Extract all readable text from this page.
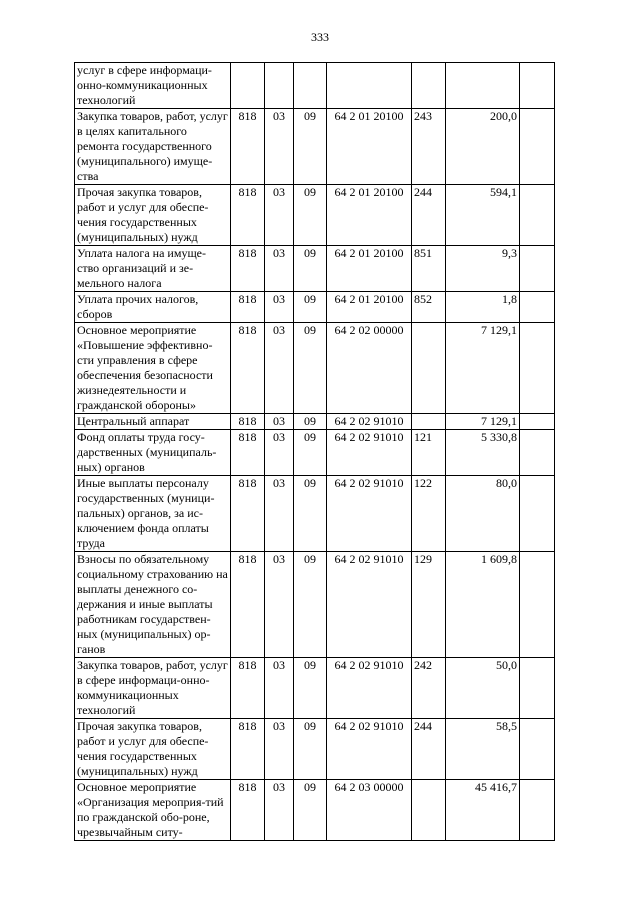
333
услуг в сфере информаци-онно-коммуникационных технологий							
Закупка товаров, работ, услуг в целях капитального ремонта государственного (муниципального) имуще-ства	818	03	09	64 2 01 20100	243	200,0	
Прочая закупка товаров, работ и услуг для обеспе-чения государственных (муниципальных) нужд	818	03	09	64 2 01 20100	244	594,1	
Уплата налога на имуще-ство организаций и зе-мельного налога	818	03	09	64 2 01 20100	851	9,3	
Уплата прочих налогов, сборов	818	03	09	64 2 01 20100	852	1,8	
Основное мероприятие «Повышение эффективно-сти управления в сфере обеспечения безопасности жизнедеятельности и гражданской обороны»	818	03	09	64 2 02 00000		7 129,1	
Центральный аппарат	818	03	09	64 2 02 91010		7 129,1	
Фонд оплаты труда госу-дарственных (муниципаль-ных) органов	818	03	09	64 2 02 91010	121	5 330,8	
Иные выплаты персоналу государственных (муници-пальных) органов, за ис-ключением фонда оплаты труда	818	03	09	64 2 02 91010	122	80,0	
Взносы по обязательному социальному страхованию на выплаты денежного со-держания и иные выплаты работникам государствен-ных (муниципальных) ор-ганов	818	03	09	64 2 02 91010	129	1 609,8	
Закупка товаров, работ, услуг в сфере информаци-онно-коммуникационных технологий	818	03	09	64 2 02 91010	242	50,0	
Прочая закупка товаров, работ и услуг для обеспе-чения государственных (муниципальных) нужд	818	03	09	64 2 02 91010	244	58,5	
Основное мероприятие «Организация мероприя-тий по гражданской обо-роне, чрезвычайным ситу-	818	03	09	64 2 03 00000		45 416,7	
